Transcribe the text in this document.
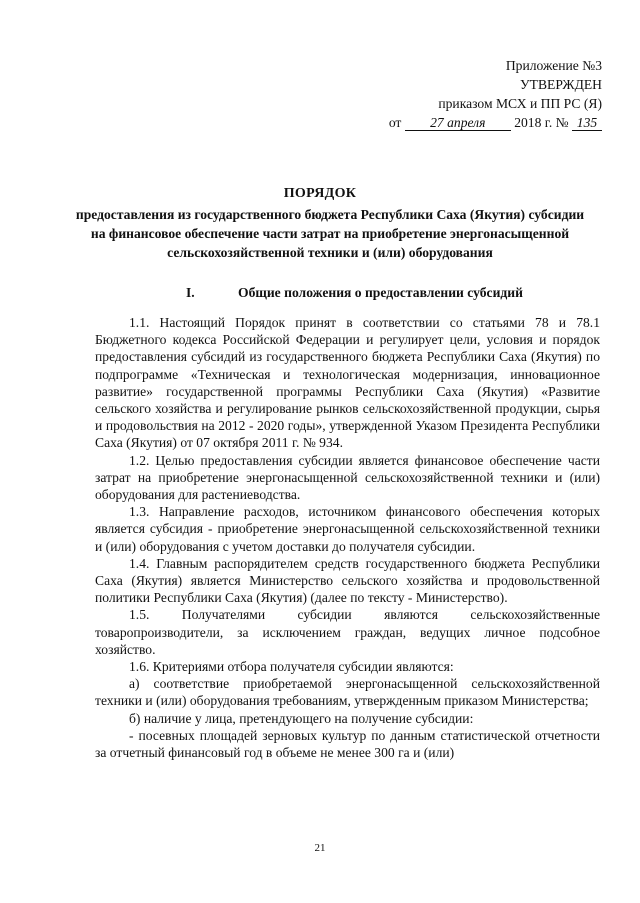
Приложение №3
УТВЕРЖДЕН
приказом МСХ и ПП РС (Я)
от 27 апреля 2018 г. № 135
ПОРЯДОК
предоставления из государственного бюджета Республики Саха (Якутия) субсидии на финансовое обеспечение части затрат на приобретение энергонасыщенной сельскохозяйственной техники и (или) оборудования
I.	Общие положения о предоставлении субсидий

1.1. Настоящий Порядок принят в соответствии со статьями 78 и 78.1 Бюджетного кодекса Российской Федерации и регулирует цели, условия и порядок предоставления субсидий из государственного бюджета Республики Саха (Якутия) по подпрограмме «Техническая и технологическая модернизация, инновационное развитие» государственной программы Республики Саха (Якутия) «Развитие сельского хозяйства и регулирование рынков сельскохозяйственной продукции, сырья и продовольствия на 2012 - 2020 годы», утвержденной Указом Президента Республики Саха (Якутия) от 07 октября 2011 г. № 934.

1.2. Целью предоставления субсидии является финансовое обеспечение части затрат на приобретение энергонасыщенной сельскохозяйственной техники и (или) оборудования для растениеводства.

1.3. Направление расходов, источником финансового обеспечения которых является субсидия - приобретение энергонасыщенной сельскохозяйственной техники и (или) оборудования с учетом доставки до получателя субсидии.

1.4. Главным распорядителем средств государственного бюджета Республики Саха (Якутия) является Министерство сельского хозяйства и продовольственной политики Республики Саха (Якутия) (далее по тексту - Министерство).

1.5. Получателями субсидии являются сельскохозяйственные товаропроизводители, за исключением граждан, ведущих личное подсобное хозяйство.

1.6. Критериями отбора получателя субсидии являются:

а) соответствие приобретаемой энергонасыщенной сельскохозяйственной техники и (или) оборудования требованиям, утвержденным приказом Министерства;

б) наличие у лица, претендующего на получение субсидии:

- посевных площадей зерновых культур по данным статистической отчетности за отчетный финансовый год в объеме не менее 300 га и (или)

21
